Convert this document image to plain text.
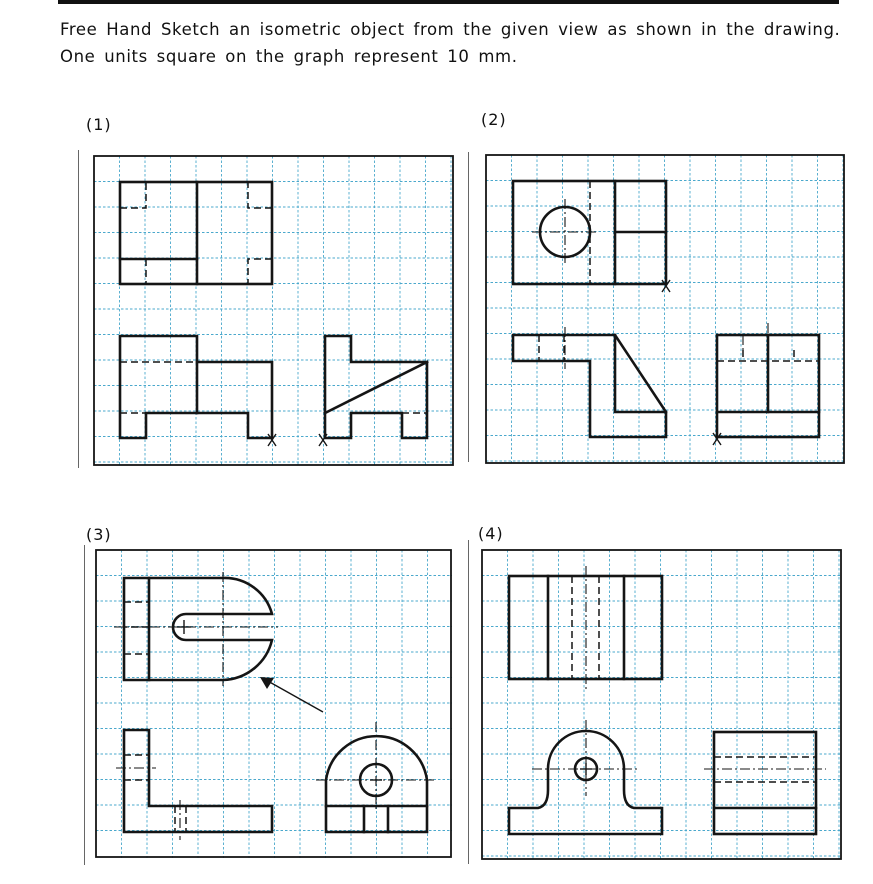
Free Hand Sketch an isometric object from the given view as shown in the drawing.
One units square on the graph represent 10 mm.
(1)	(2)
(3)	(4)
